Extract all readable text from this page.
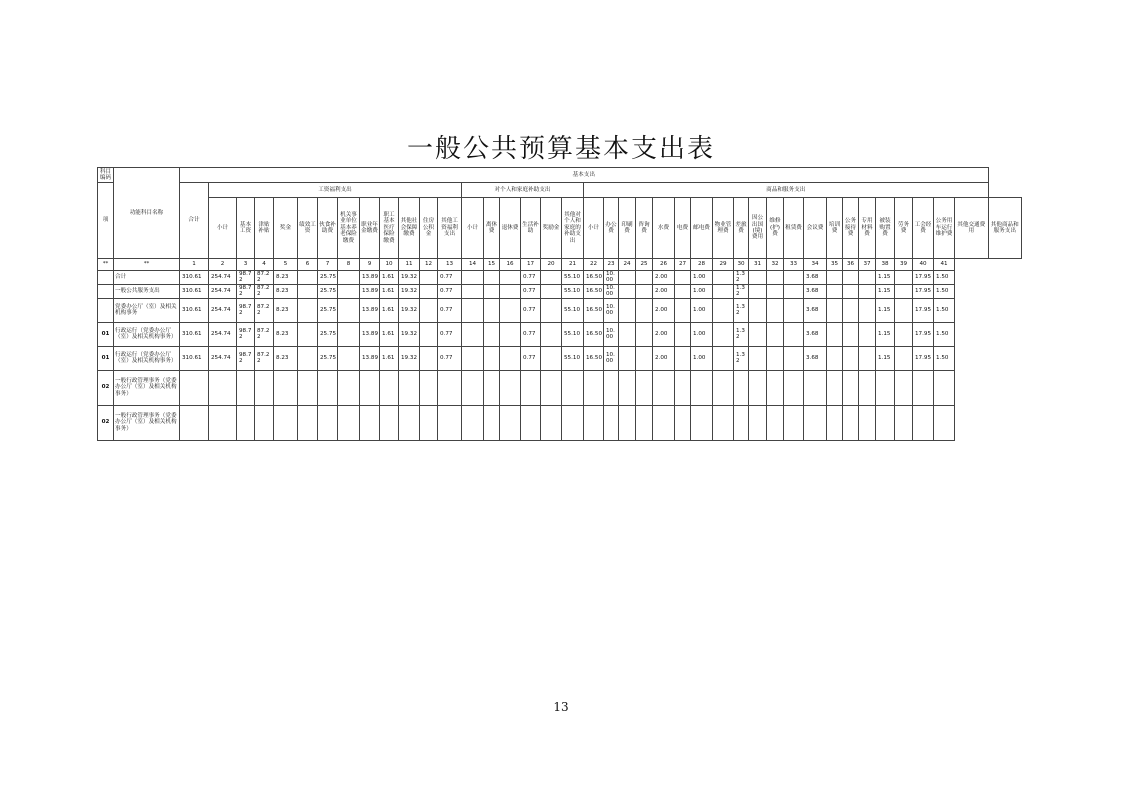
一般公共预算基本支出表
科目编码	功能科目名称	基本支出																																								
项		合计	工资福利支出												对个人和家庭补助支出						商品和服务支出																					
			小计	基本工资	津贴补贴	奖金	绩效工资	伙食补助费	机关事业单位基本养老保险缴费	职业年金缴费	职工基本医疗保险缴费	其他社会保障缴费	住房公积金	其他工资福利支出	小计	离休费	退休费	生活补助	奖励金	其他对个人和家庭的补助支出	小计	办公费	印刷费	咨询费	水费	电费	邮电费	物业管理费	差旅费	因公出国(境)费用	维修(护)费	租赁费	会议费	培训费	公务接待费	专用材料费	被装购置费	劳务费	工会经费	公务用车运行维护费	其他交通费用	其他商品和服务支出
**	**	1	2	3	4	5	6	7	8	9	10	11	12	13	14	15	16	17	20	21	22	23	24	25	26	27	28	29	30	31	32	33	34	35	36	37	38	39	40	41		
	合计	310.61	254.74	98.72	87.22	8.23		25.75		13.89	1.61	19.32		0.77				0.77		55.10	16.50	10.00			2.00		1.00		1.32				3.68				1.15		17.95	1.50		
	一般公共服务支出	310.61	254.74	98.72	87.22	8.23		25.75		13.89	1.61	19.32		0.77				0.77		55.10	16.50	10.00			2.00		1.00		1.32				3.68				1.15		17.95	1.50		
	党委办公厅（室）及相关机构事务	310.61	254.74	98.72	87.22	8.23		25.75		13.89	1.61	19.32		0.77				0.77		55.10	16.50	10.00			2.00		1.00		1.32				3.68				1.15		17.95	1.50		
01	行政运行（党委办公厅（室）及相关机构事务）	310.61	254.74	98.72	87.22	8.23		25.75		13.89	1.61	19.32		0.77				0.77		55.10	16.50	10.00			2.00		1.00		1.32				3.68				1.15		17.95	1.50		
01	行政运行（党委办公厅（室）及相关机构事务）	310.61	254.74	98.72	87.22	8.23		25.75		13.89	1.61	19.32		0.77				0.77		55.10	16.50	10.00			2.00		1.00		1.32				3.68				1.15		17.95	1.50		
02	一般行政管理事务（党委办公厅（室）及相关机构事务）																																									
02	一般行政管理事务（党委办公厅（室）及相关机构事务）																																									
13
